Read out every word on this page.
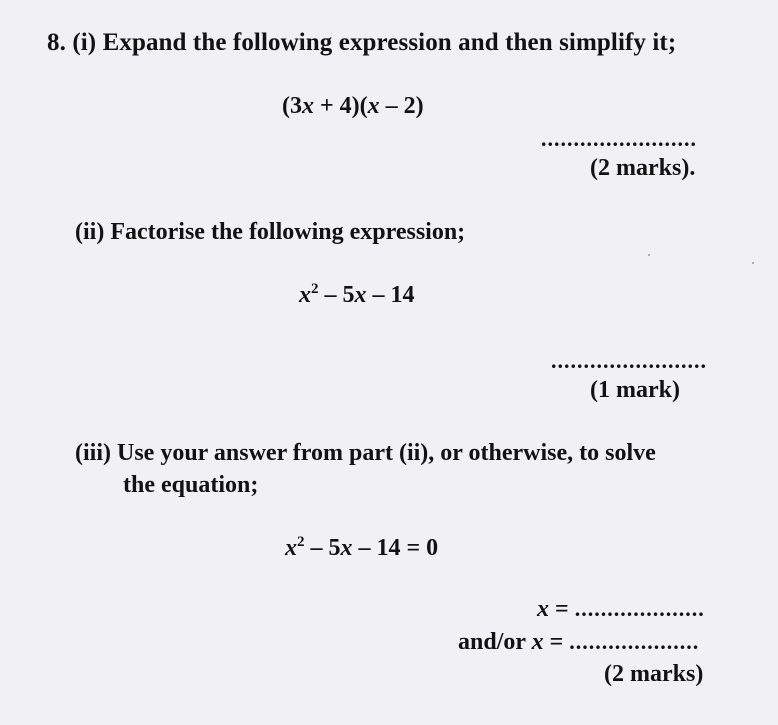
8. (i) Expand the following expression and then simplify it;
(3x + 4)(x – 2)
........................
(2 marks).
(ii) Factorise the following expression;
$x^2 - 5x - 14$
........................
(1 mark)
(iii) Use your answer from part (ii), or otherwise, to solve
the equation;
$x^2 - 5x - 14 = 0$
x = ....................
and/or x = ....................
(2 marks)
